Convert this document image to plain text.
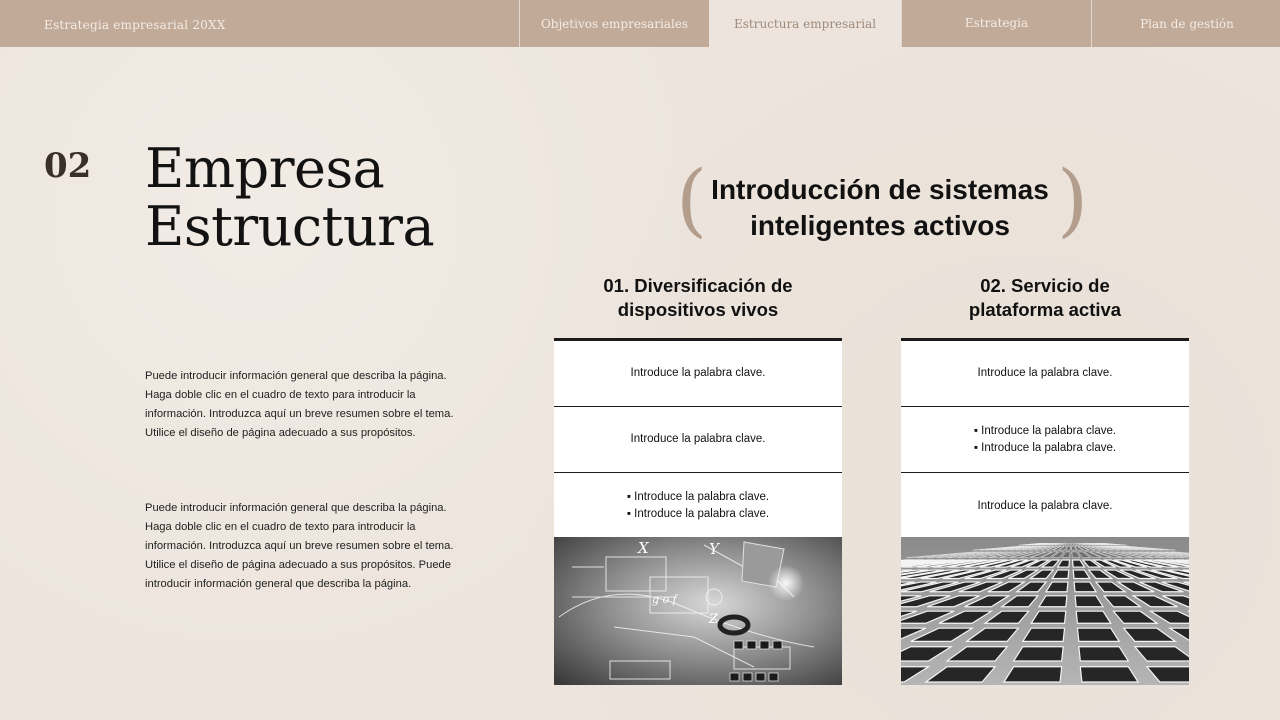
Estrategia empresarial 20XX	Objetivos empresariales	Estructura empresarial	Estrategia	Plan de gestión
02 Empresa
Estructura
Puede introducir información general que describa la página. Haga doble clic en el cuadro de texto para introducir la información. Introduzca aquí un breve resumen sobre el tema. Utilice el diseño de página adecuado a sus propósitos.
Puede introducir información general que describa la página. Haga doble clic en el cuadro de texto para introducir la información. Introduzca aquí un breve resumen sobre el tema. Utilice el diseño de página adecuado a sus propósitos. Puede introducir información general que describa la página.
(	)
Introducción de sistemas
inteligentes activos
01. Diversificación de
dispositivos vivos
Introduce la palabra clave.
Introduce la palabra clave.
▪ Introduce la palabra clave.
▪ Introduce la palabra clave.
X	Y
Z
g o f
02. Servicio de
plataforma activa
Introduce la palabra clave.
▪ Introduce la palabra clave.
▪ Introduce la palabra clave.
Introduce la palabra clave.
